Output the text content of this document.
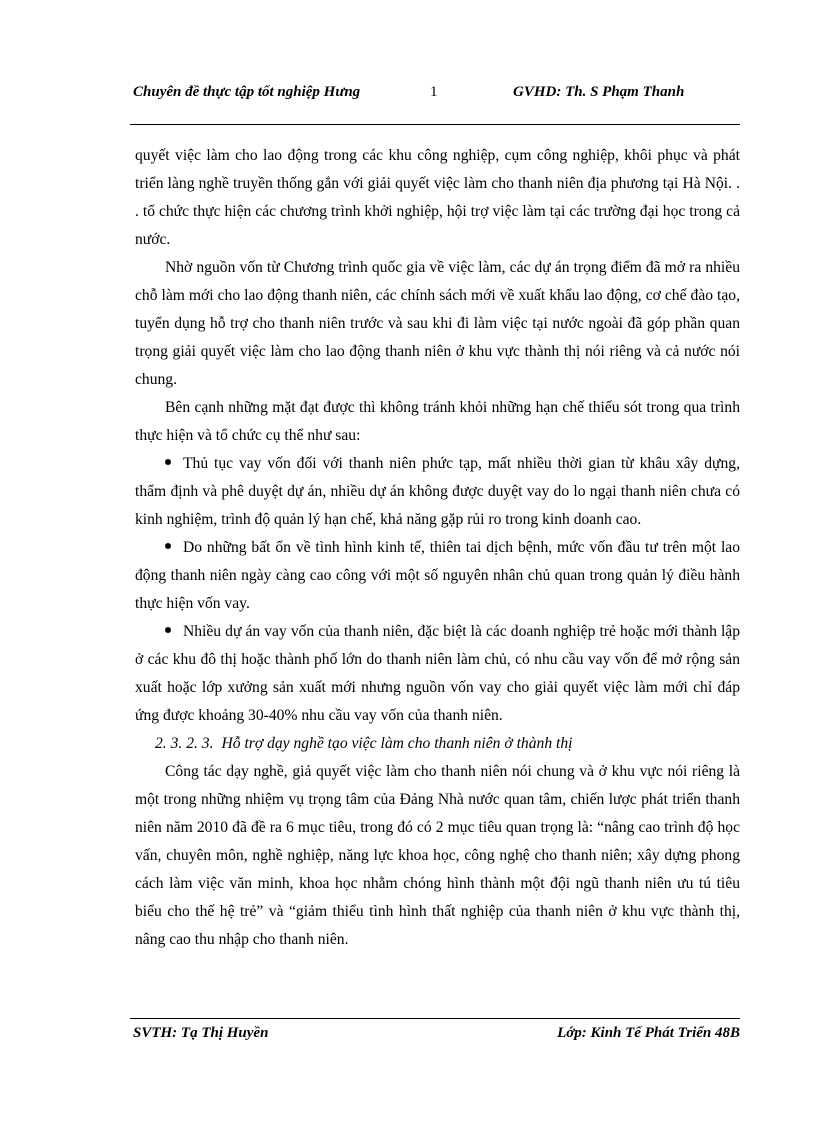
Chuyên đề thực tập tốt nghiệp Hưng	1	GVHD: Th. S Phạm Thanh

quyết việc làm cho lao động trong các khu công nghiệp, cụm công nghiệp, khôi phục và phát triển làng nghề truyền thống gắn với giải quyết việc làm cho thanh niên địa phương tại Hà Nội. . . tổ chức thực hiện các chương trình khởi nghiệp, hội trợ việc làm tại các trường đại học trong cả nước.

Nhờ nguồn vốn từ Chương trình quốc gia về việc làm, các dự án trọng điểm đã mở ra nhiều chỗ làm mới cho lao động thanh niên, các chính sách mới về xuất khẩu lao động, cơ chế đào tạo, tuyển dụng hỗ trợ cho thanh niên trước và sau khi đi làm việc tại nước ngoài đã góp phần quan trọng giải quyết việc làm cho lao động thanh niên ở khu vực thành thị nói riêng và cả nước nói chung.

Bên cạnh những mặt đạt được thì không tránh khỏi những hạn chế thiếu sót trong qua trình thực hiện và tổ chức cụ thể như sau:

Thủ tục vay vốn đối với thanh niên phức tạp, mất nhiều thời gian từ khâu xây dựng, thẩm định và phê duyệt dự án, nhiều dự án không được duyệt vay do lo ngại thanh niên chưa có kinh nghiệm, trình độ quản lý hạn chế, khả năng gặp rủi ro trong kinh doanh cao.

Do những bất ổn về tình hình kinh tế, thiên tai dịch bệnh, mức vốn đầu tư trên một lao động thanh niên ngày càng cao công với một số nguyên nhân chủ quan trong quản lý điều hành thực hiện vốn vay.

Nhiều dự án vay vốn của thanh niên, đặc biệt là các doanh nghiệp trẻ hoặc mới thành lập ở các khu đô thị hoặc thành phố lớn do thanh niên làm chủ, có nhu cầu vay vốn để mở rộng sản xuất hoặc lớp xưởng sản xuất mới nhưng nguồn vốn vay cho giải quyết việc làm mới chỉ đáp ứng được khoảng 30-40% nhu cầu vay vốn của thanh niên.

2. 3. 2. 3. Hỗ trợ dạy nghề tạo việc làm cho thanh niên ở thành thị

Công tác dạy nghề, giả quyết việc làm cho thanh niên nói chung và ở khu vực nói riêng là một trong những nhiệm vụ trọng tâm của Đảng Nhà nước quan tâm, chiến lược phát triển thanh niên năm 2010 đã đề ra 6 mục tiêu, trong đó có 2 mục tiêu quan trọng là: “nâng cao trình độ học vấn, chuyên môn, nghề nghiệp, năng lực khoa học, công nghệ cho thanh niên; xây dựng phong cách làm việc văn minh, khoa học nhằm chóng hình thành một đội ngũ thanh niên ưu tú tiêu biểu cho thế hệ trẻ” và “giảm thiểu tình hình thất nghiệp của thanh niên ở khu vực thành thị, nâng cao thu nhập cho thanh niên.

SVTH: Tạ Thị Huyền	Lớp: Kinh Tế Phát Triển 48B
